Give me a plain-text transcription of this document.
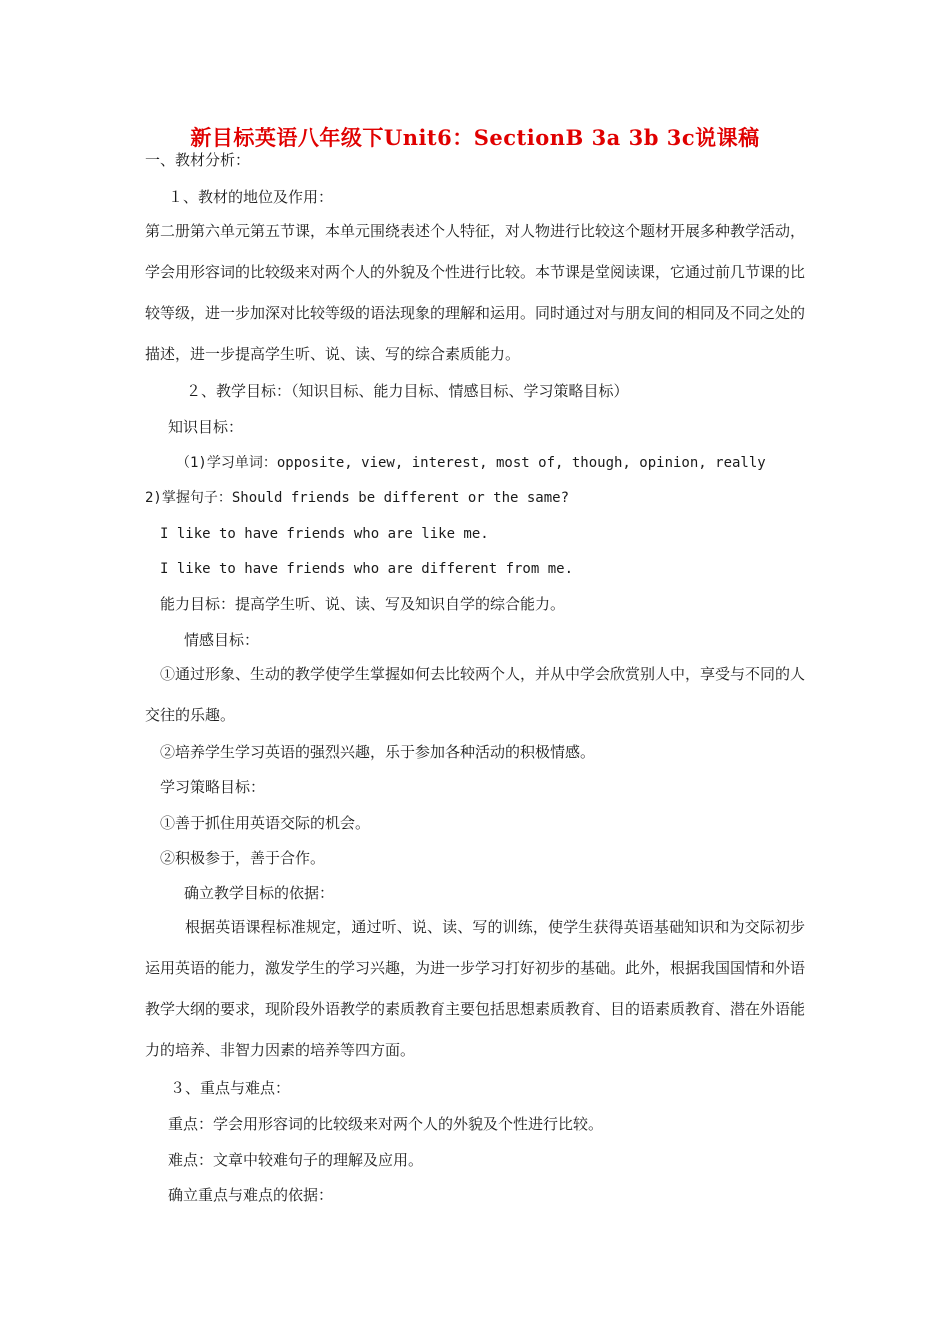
新目标英语八年级下Unit6：SectionB 3a 3b 3c说课稿
一、教材分析：
１、教材的地位及作用：
第二册第六单元第五节课，本单元围绕表述个人特征，对人物进行比较这个题材开展多种教学活动，学会用形容词的比较级来对两个人的外貌及个性进行比较。本节课是堂阅读课，它通过前几节课的比较等级，进一步加深对比较等级的语法现象的理解和运用。同时通过对与朋友间的相同及不同之处的描述，进一步提高学生听、说、读、写的综合素质能力。
２、教学目标：（知识目标、能力目标、情感目标、学习策略目标）
知识目标：
（1)学习单词：opposite, view, interest, most of, though, opinion, really
2)掌握句子：Should friends be different or the same?
I like to have friends who are like me.
I like to have friends who are different from me.
能力目标：提高学生听、说、读、写及知识自学的综合能力。
情感目标：
①通过形象、生动的教学使学生掌握如何去比较两个人，并从中学会欣赏别人中，享受与不同的人交往的乐趣。
②培养学生学习英语的强烈兴趣，乐于参加各种活动的积极情感。
学习策略目标：
①善于抓住用英语交际的机会。
②积极参于，善于合作。
确立教学目标的依据：
根据英语课程标准规定，通过听、说、读、写的训练，使学生获得英语基础知识和为交际初步运用英语的能力，激发学生的学习兴趣，为进一步学习打好初步的基础。此外，根据我国国情和外语教学大纲的要求，现阶段外语教学的素质教育主要包括思想素质教育、目的语素质教育、潜在外语能力的培养、非智力因素的培养等四方面。
３、重点与难点：
重点：学会用形容词的比较级来对两个人的外貌及个性进行比较。
难点：文章中较难句子的理解及应用。
确立重点与难点的依据：
